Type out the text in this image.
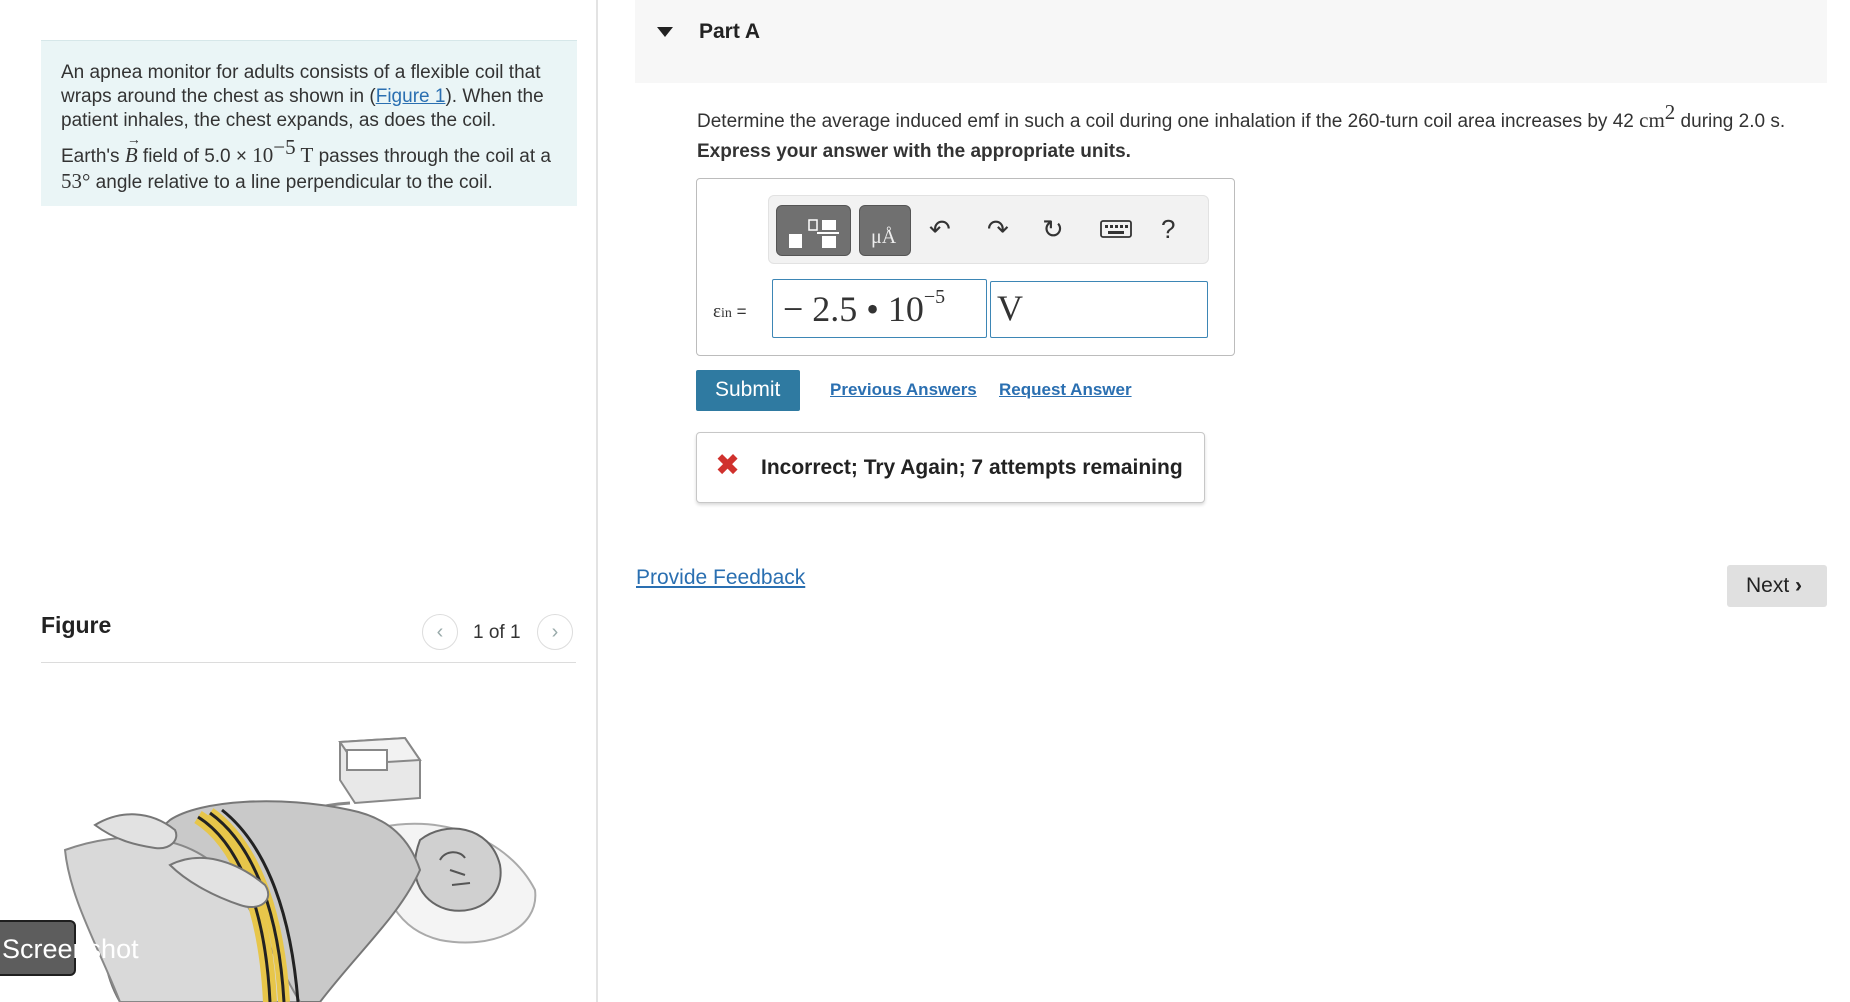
An apnea monitor for adults consists of a flexible coil that wraps around the chest as shown in (Figure 1). When the patient inhales, the chest expands, as does the coil.

Earth's
→
B field of $5.0 \times 10^{-5}$ T passes through the coil at a 53° angle relative to a line perpendicular to the coil.

Figure	‹ 1 of 1 ›
Screenshot
Part A
Determine the average induced emf in such a coil during one inhalation if the 260-turn coil area increases by 42 $cm^2$ during 2.0 s.
Express your answer with the appropriate units.
μÅ ↶ ↷ ↻	?
εin =	− 2.5 • $10^{-5}$	V
Submit	Previous Answers Request Answer
✖ Incorrect; Try Again; 7 attempts remaining
Provide Feedback	Next ›
